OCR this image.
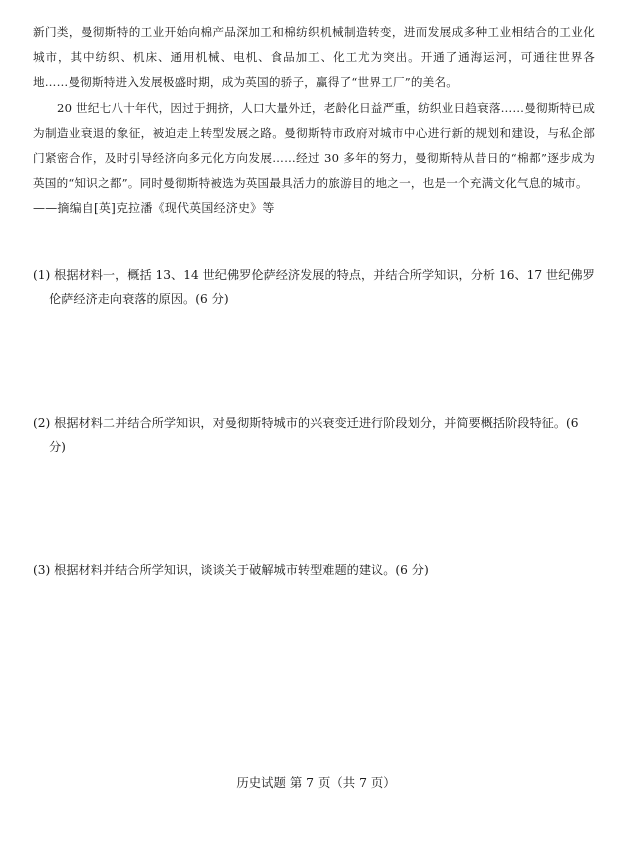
新门类，曼彻斯特的工业开始向棉产品深加工和棉纺织机械制造转变，进而发展成多种工业相结合的工业化城市，其中纺织、机床、通用机械、电机、食品加工、化工尤为突出。开通了通海运河，可通往世界各地……曼彻斯特进入发展极盛时期，成为英国的骄子，赢得了“世界工厂”的美名。

20 世纪七八十年代，因过于拥挤，人口大量外迁，老龄化日益严重，纺织业日趋衰落……曼彻斯特已成为制造业衰退的象征，被迫走上转型发展之路。曼彻斯特市政府对城市中心进行新的规划和建设，与私企部门紧密合作，及时引导经济向多元化方向发展……经过 30 多年的努力，曼彻斯特从昔日的“棉都”逐步成为英国的“知识之都”。同时曼彻斯特被选为英国最具活力的旅游目的地之一，也是一个充满文化气息的城市。

——摘编自[英]克拉潘《现代英国经济史》等

(1) 根据材料一，概括 13、14 世纪佛罗伦萨经济发展的特点，并结合所学知识，分析 16、17 世纪佛罗伦萨经济走向衰落的原因。(6 分)

(2) 根据材料二并结合所学知识，对曼彻斯特城市的兴衰变迁进行阶段划分，并简要概括阶段特征。(6 分)

(3) 根据材料并结合所学知识，谈谈关于破解城市转型难题的建议。(6 分)

历史试题 第 7 页（共 7 页）
